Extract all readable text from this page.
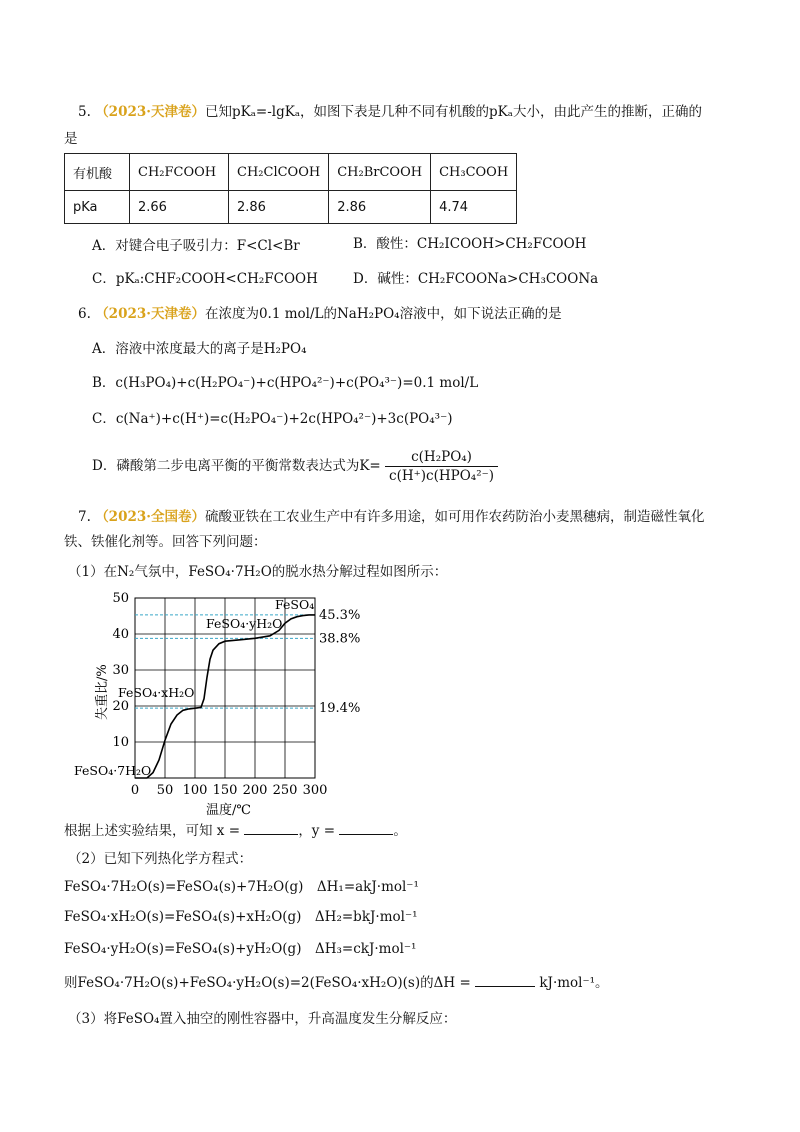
5. （2023·天津卷）已知pKₐ=-lgKₐ，如图下表是几种不同有机酸的pKₐ大小，由此产生的推断，正确的
是
有机酸	CH₂FCOOH	CH₂ClCOOH	CH₂BrCOOH	CH₃COOH
pKa	2.66	2.86	2.86	4.74
A．对键合电子吸引力：F<Cl<Br	B．酸性：CH₂ICOOH>CH₂FCOOH
C．pKₐ:CHF₂COOH<CH₂FCOOH	D．碱性：CH₂FCOONa>CH₃COONa
6. （2023·天津卷）在浓度为0.1 mol/L的NaH₂PO₄溶液中，如下说法正确的是
A．溶液中浓度最大的离子是H₂PO₄
B．c(H₃PO₄)+c(H₂PO₄⁻)+c(HPO₄²⁻)+c(PO₄³⁻)=0.1 mol/L
C．c(Na⁺)+c(H⁺)=c(H₂PO₄⁻)+2c(HPO₄²⁻)+3c(PO₄³⁻)
D．磷酸第二步电离平衡的平衡常数表达式为$K= \frac{\text{c(H₂PO₄)}}{\text{c(H⁺)c(HPO₄²⁻)}}$
7. （2023·全国卷）硫酸亚铁在工农业生产中有许多用途，如可用作农药防治小麦黑穗病，制造磁性氧化
铁、铁催化剂等。回答下列问题：
（1）在N₂气氛中，FeSO₄·7H₂O的脱水热分解过程如图所示：
45.3%
38.8%
19.4%
0 50 100 150 200 250 300
10
20
30
40
50
温度/℃
失重比/%
FeSO₄·7H₂O
FeSO₄·xH₂O
FeSO₄·yH₂O
FeSO₄
根据上述实验结果，可知 x =	，y =	。
（2）已知下列热化学方程式：
FeSO₄·7H₂O(s)=FeSO₄(s)+7H₂O(g)　ΔH₁=akJ·mol⁻¹
FeSO₄·xH₂O(s)=FeSO₄(s)+xH₂O(g)　ΔH₂=bkJ·mol⁻¹
FeSO₄·yH₂O(s)=FeSO₄(s)+yH₂O(g)　ΔH₃=ckJ·mol⁻¹
则FeSO₄·7H₂O(s)+FeSO₄·yH₂O(s)=2(FeSO₄·xH₂O)(s)的ΔH =	kJ·mol⁻¹。
（3）将FeSO₄置入抽空的刚性容器中，升高温度发生分解反应：
